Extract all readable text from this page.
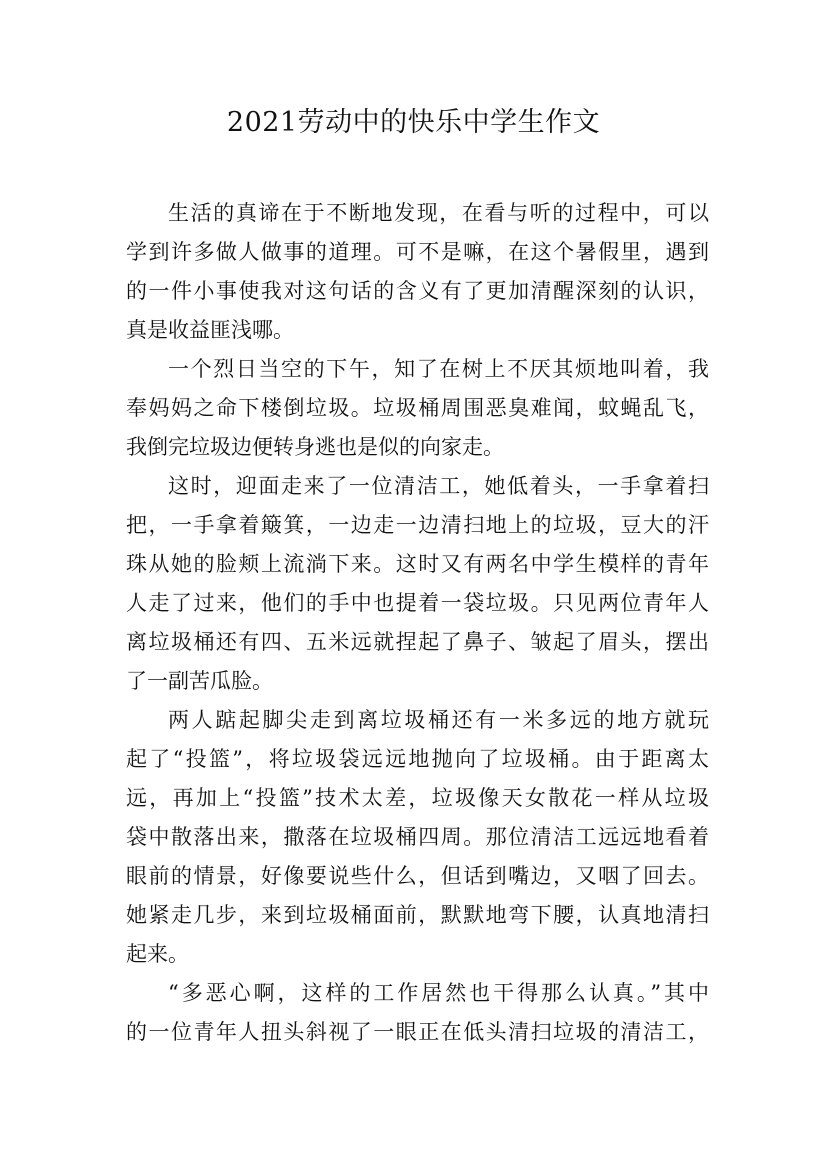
2021劳动中的快乐中学生作文
生活的真谛在于不断地发现，在看与听的过程中，可以
学到许多做人做事的道理。可不是嘛，在这个暑假里，遇到
的一件小事使我对这句话的含义有了更加清醒深刻的认识，
真是收益匪浅哪。
一个烈日当空的下午，知了在树上不厌其烦地叫着，我
奉妈妈之命下楼倒垃圾。垃圾桶周围恶臭难闻，蚊蝇乱飞，
我倒完垃圾边便转身逃也是似的向家走。
这时，迎面走来了一位清洁工，她低着头，一手拿着扫
把，一手拿着簸箕，一边走一边清扫地上的垃圾，豆大的汗
珠从她的脸颊上流淌下来。这时又有两名中学生模样的青年
人走了过来，他们的手中也提着一袋垃圾。只见两位青年人
离垃圾桶还有四、五米远就捏起了鼻子、皱起了眉头，摆出
了一副苦瓜脸。
两人踮起脚尖走到离垃圾桶还有一米多远的地方就玩
起了“投篮”，将垃圾袋远远地抛向了垃圾桶。由于距离太
远，再加上“投篮”技术太差，垃圾像天女散花一样从垃圾
袋中散落出来，撒落在垃圾桶四周。那位清洁工远远地看着
眼前的情景，好像要说些什么，但话到嘴边，又咽了回去。
她紧走几步，来到垃圾桶面前，默默地弯下腰，认真地清扫
起来。
“多恶心啊，这样的工作居然也干得那么认真。”其中
的一位青年人扭头斜视了一眼正在低头清扫垃圾的清洁工，
